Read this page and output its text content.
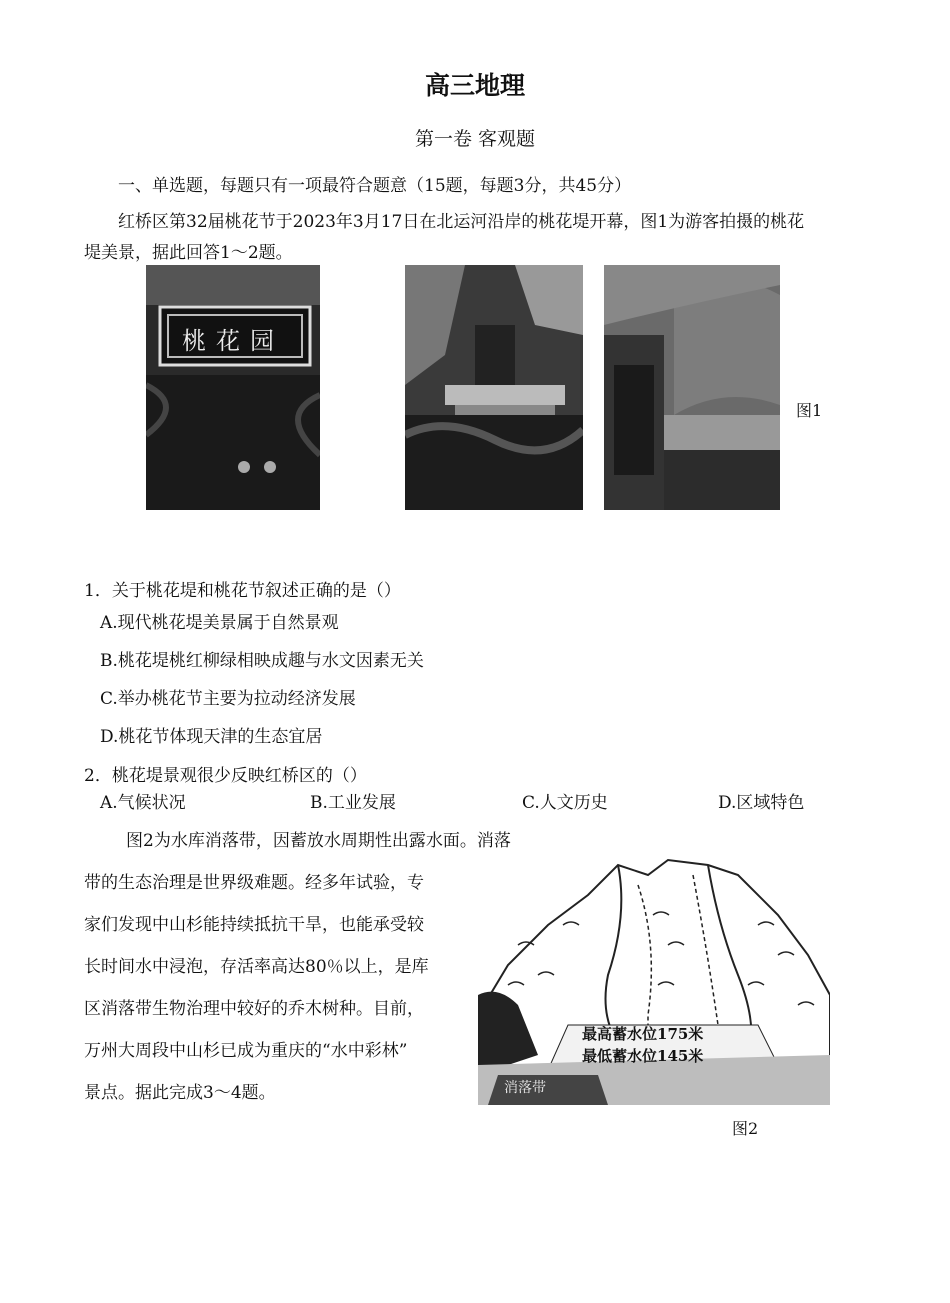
高三地理
第一卷 客观题
一、单选题，每题只有一项最符合题意（15题，每题3分，共45分）
红桥区第32届桃花节于2023年3月17日在北运河沿岸的桃花堤开幕，图1为游客拍摄的桃花
堤美景，据此回答1～2题。
桃花园
图1
1．关于桃花堤和桃花节叙述正确的是（）
A.现代桃花堤美景属于自然景观
B.桃花堤桃红柳绿相映成趣与水文因素无关
C.举办桃花节主要为拉动经济发展
D.桃花节体现天津的生态宜居
2．桃花堤景观很少反映红桥区的（）
A.气候状况	B.工业发展	C.人文历史	D.区域特色
图2为水库消落带，因蓄放水周期性出露水面。消落
带的生态治理是世界级难题。经多年试验，专
家们发现中山杉能持续抵抗干旱，也能承受较
长时间水中浸泡，存活率高达80％以上，是库
区消落带生物治理中较好的乔木树种。目前，
万州大周段中山杉已成为重庆的“水中彩林”
景点。据此完成3～4题。
最高蓄水位175米
最低蓄水位145米
消落带
图2
